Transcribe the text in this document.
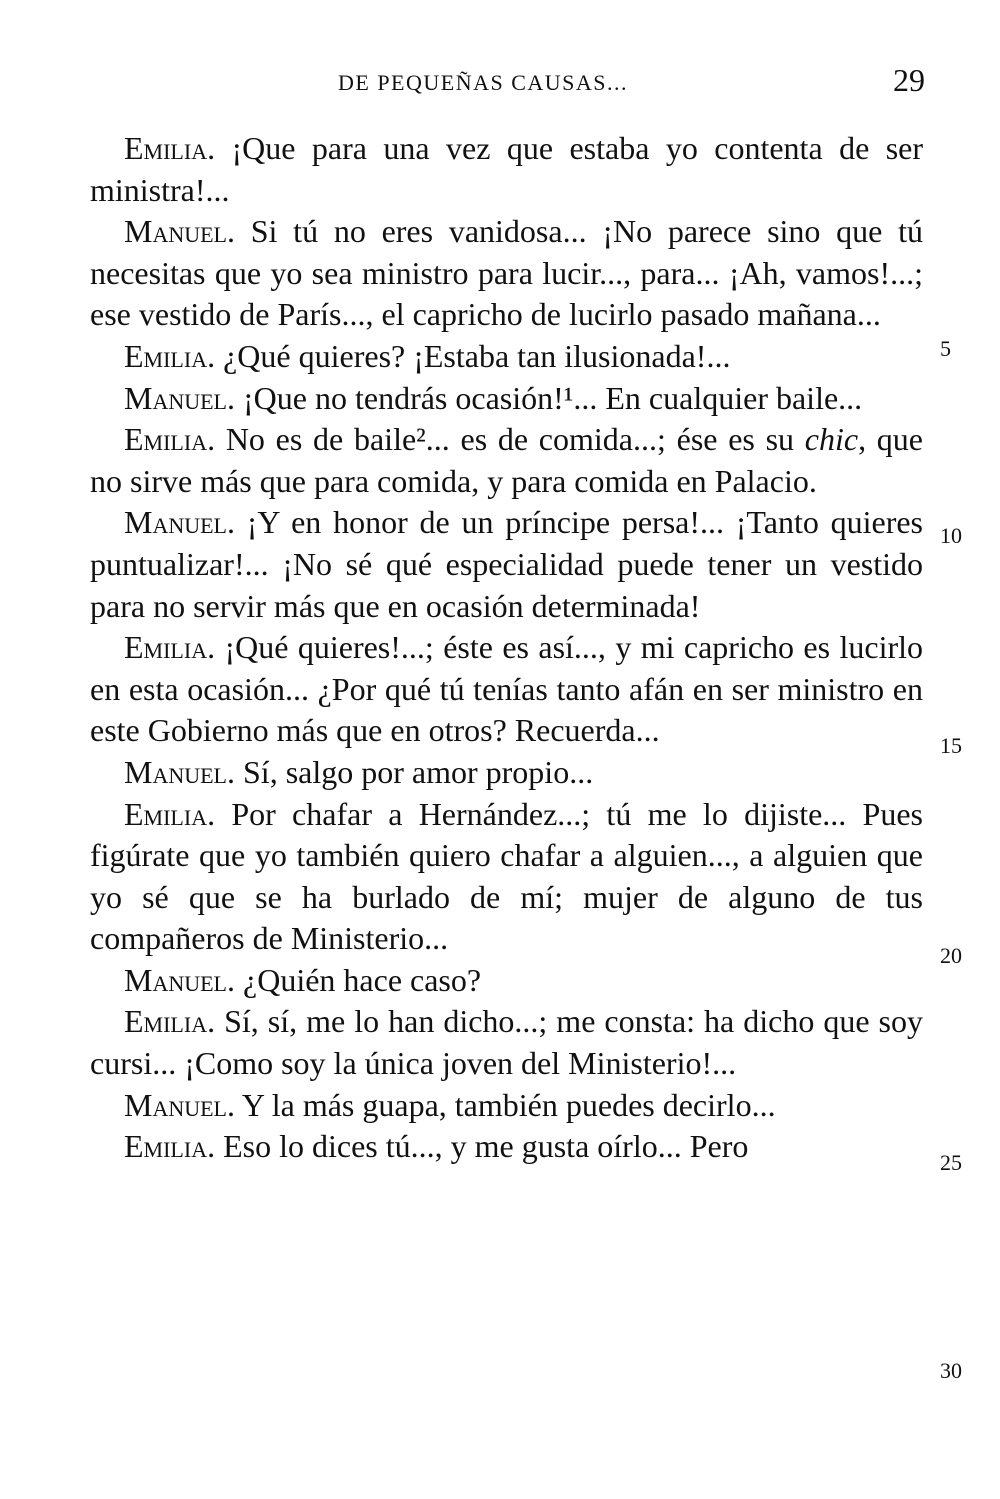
DE PEQUEÑAS CAUSAS...	29

Emilia. ¡Que para una vez que estaba yo contenta de ser ministra!...

Manuel. Si tú no eres vanidosa... ¡No parece sino que tú necesitas que yo sea ministro para lucir..., para... ¡Ah, vamos!...; ese vestido de París..., el capricho de lucirlo pasado mañana...

Emilia. ¿Qué quieres? ¡Estaba tan ilusionada!...

Manuel. ¡Que no tendrás ocasión!¹... En cualquier baile...

Emilia. No es de baile²... es de comida...; ése es su chic, que no sirve más que para comida, y para comida en Palacio.

Manuel. ¡Y en honor de un príncipe persa!... ¡Tanto quieres puntualizar!... ¡No sé qué especialidad puede tener un vestido para no servir más que en ocasión determinada!

Emilia. ¡Qué quieres!...; éste es así..., y mi capricho es lucirlo en esta ocasión... ¿Por qué tú tenías tanto afán en ser ministro en este Gobierno más que en otros? Recuerda...

Manuel. Sí, salgo por amor propio...

Emilia. Por chafar a Hernández...; tú me lo dijiste... Pues figúrate que yo también quiero chafar a alguien..., a alguien que yo sé que se ha burlado de mí; mujer de alguno de tus compañeros de Ministerio...

Manuel. ¿Quién hace caso?

Emilia. Sí, sí, me lo han dicho...; me consta: ha dicho que soy cursi... ¡Como soy la única joven del Ministerio!...

Manuel. Y la más guapa, también puedes decirlo...

Emilia. Eso lo dices tú..., y me gusta oírlo... Pero

5
10
15
20
25
30
